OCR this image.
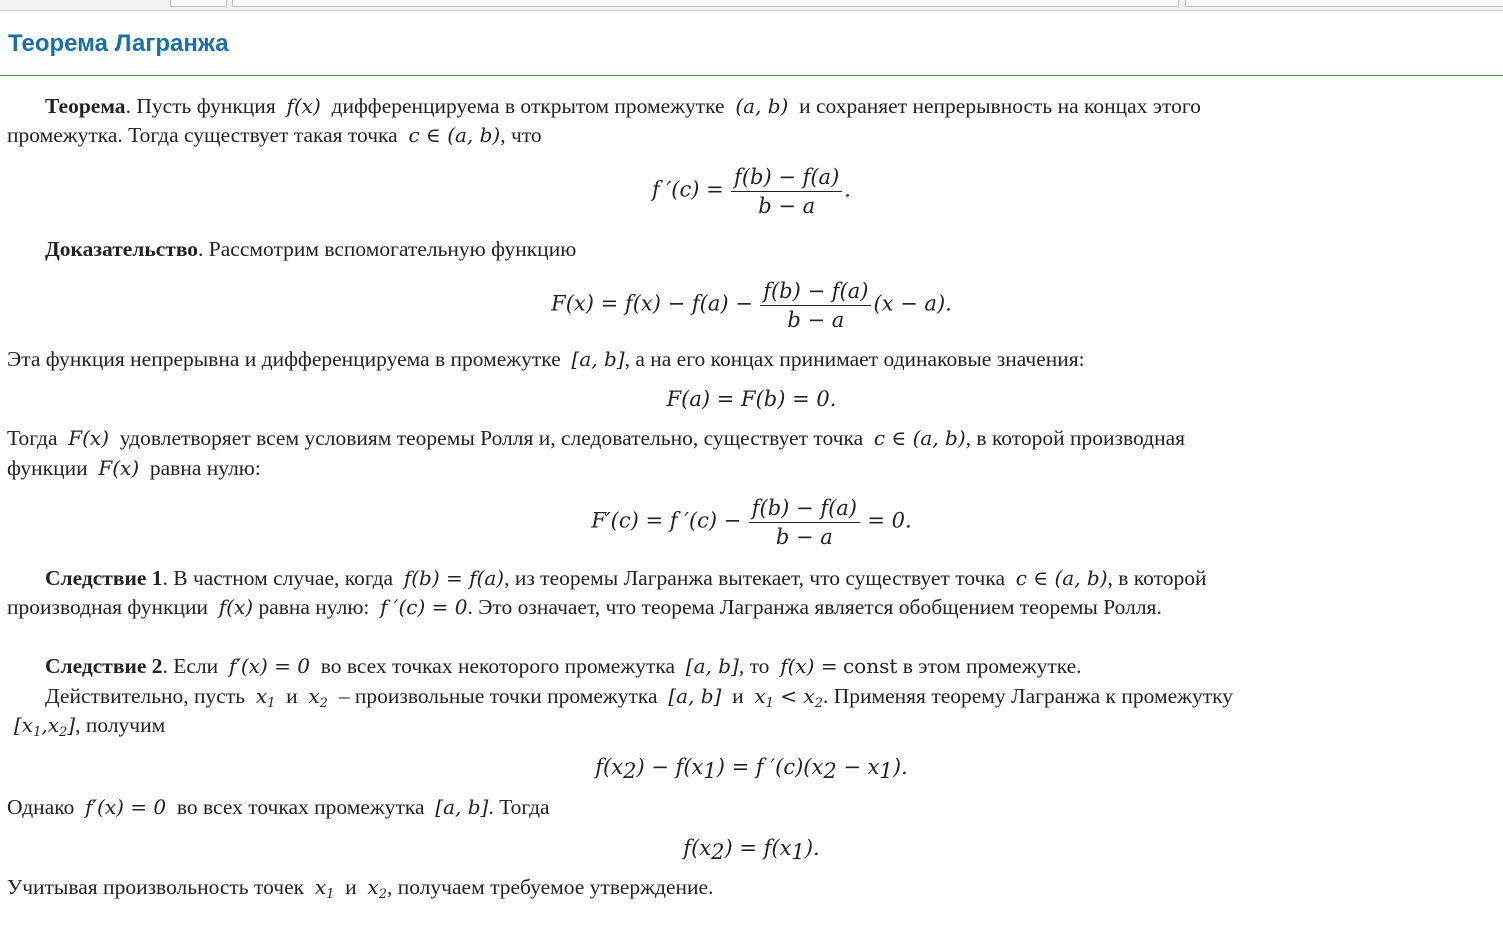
Теорема Лагранжа
Теорема. Пусть функция f(x) дифференцируема в открытом промежутке (a, b) и сохраняет непрерывность на концах этого
промежутка. Тогда существует такая точка c ∈ (a, b), что
f $'(c) = \frac{f(b) - f(a)}{b - a}$ .
Доказательство. Рассмотрим вспомогательную функцию
$F(x) = f(x) - f(a) - \frac{f(b) - f(a)}{b - a} (x - a)$.
Эта функция непрерывна и дифференцируема в промежутке [a, b], а на его концах принимает одинаковые значения:
F(a) = F(b) = 0.
Тогда F(x) удовлетворяет всем условиям теоремы Ролля и, следовательно, существует точка c ∈ (a, b), в которой производная
функции F(x) равна нулю:
F′(c) = f $'(c) - \frac{f(b) - f(a)}{b - a} = 0$.
Следствие 1. В частном случае, когда f(b) = f(a), из теоремы Лагранжа вытекает, что существует точка c ∈ (a, b), в которой
производная функции f(x) равна нулю: f ′(c) = 0. Это означает, что теорема Лагранжа является обобщением теоремы Ролля.
Следствие 2. Если f′(x) = 0 во всех точках некоторого промежутка [a, b], то f(x) = const в этом промежутке.
Действительно, пусть $x_1$ и $x_2$ – произвольные точки промежутка [a, b] и $x_1 < x_2$. Применяя теорему Лагранжа к промежутку
$[x_1,x_2]$, получим
f(x2) − f(x1) = f ′(c)(x2 − x1).
Однако f′(x) = 0 во всех точках промежутка [a, b]. Тогда
f(x2) = f(x1).
Учитывая произвольность точек $x_1$ и $x_2$, получаем требуемое утверждение.
